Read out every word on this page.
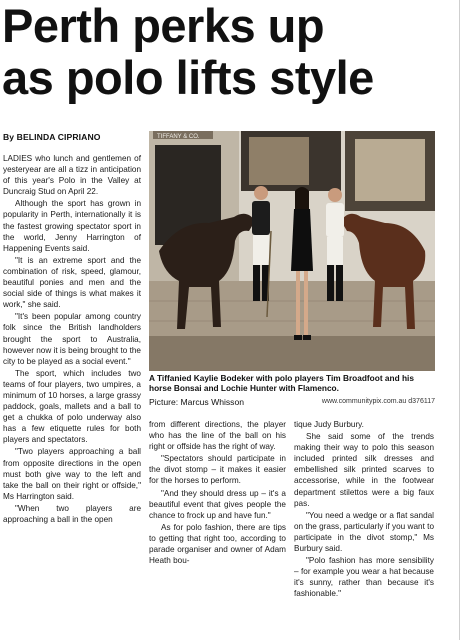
Perth perks up
as polo lifts style
By BELINDA CIPRIANO

LADIES who lunch and gentlemen of yesteryear are all a tizz in anticipation of this year's Polo in the Valley at Duncraig Stud on April 22.

Although the sport has grown in popularity in Perth, internationally it is the fastest growing spectator sport in the world, Jenny Harrington of Happening Events said.

"It is an extreme sport and the combination of risk, speed, glamour, beautiful ponies and men and the social side of things is what makes it work," she said.

"It's been popular among country folk since the British landholders brought the sport to Australia, however now it is being brought to the city to be played as a social event."

The sport, which includes two teams of four players, two umpires, a minimum of 10 horses, a large grassy paddock, goals, mallets and a ball to get a chukka of polo underway also has a few etiquette rules for both players and spectators.

"Two players approaching a ball from opposite directions in the open must both give way to the left and take the ball on their right or offside," Ms Harrington said.

"When two players are approaching a ball in the open

TIFFANY & CO.
A Tiffanied Kaylie Bodeker with polo players Tim Broadfoot and his horse Bonsai and Lochie Hunter with Flamenco.
Picture: Marcus Whisson	www.communitypix.com.au d376117

from different directions, the player who has the line of the ball on his right or offside has the right of way.

"Spectators should participate in the divot stomp – it makes it easier for the horses to perform.

"And they should dress up – it's a beautiful event that gives people the chance to frock up and have fun."

As for polo fashion, there are tips to getting that right too, according to parade organiser and owner of Adam Heath bou-

tique Judy Burbury.

She said some of the trends making their way to polo this season included printed silk dresses and embellished silk printed scarves to accessorise, while in the footwear department stilettos were a big faux pas.

"You need a wedge or a flat sandal on the grass, particularly if you want to participate in the divot stomp," Ms Burbury said.

"Polo fashion has more sensibility – for example you wear a hat because it's sunny, rather than because it's fashionable."
